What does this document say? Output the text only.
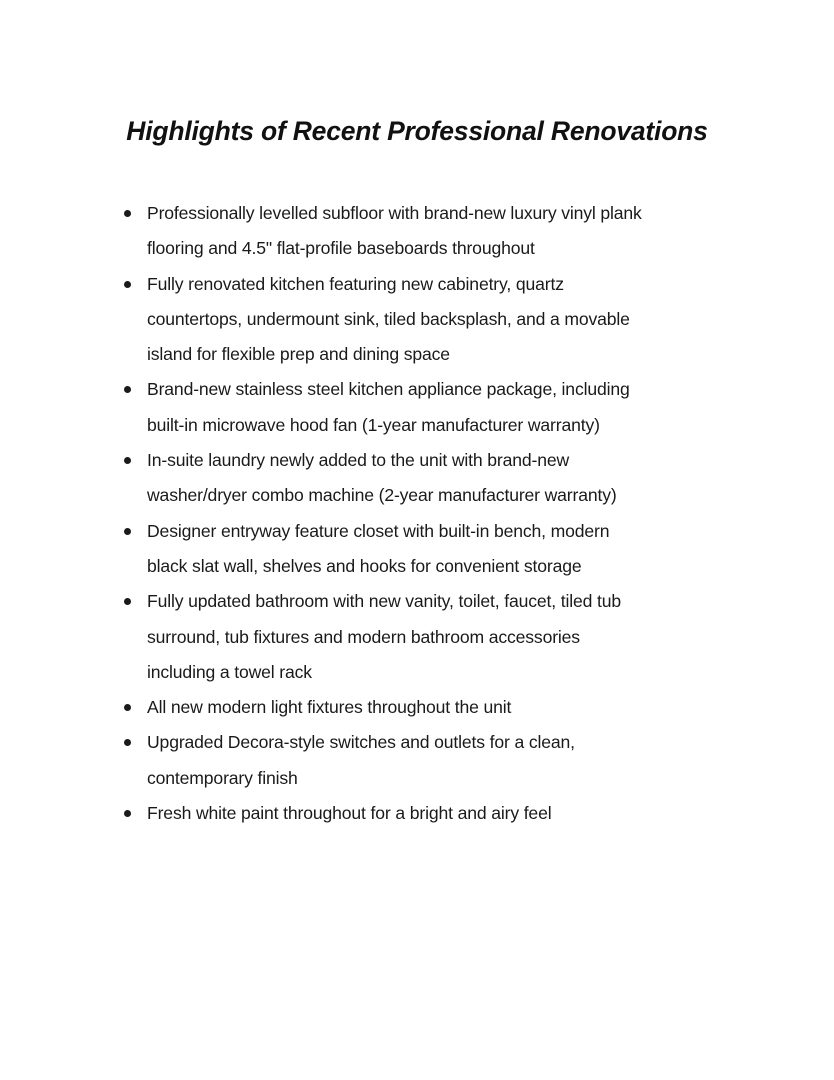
Highlights of Recent Professional Renovations
Professionally levelled subfloor with brand-new luxury vinyl plank
flooring and 4.5" flat-profile baseboards throughout
Fully renovated kitchen featuring new cabinetry, quartz
countertops, undermount sink, tiled backsplash, and a movable
island for flexible prep and dining space
Brand-new stainless steel kitchen appliance package, including
built-in microwave hood fan (1-year manufacturer warranty)
In-suite laundry newly added to the unit with brand-new
washer/dryer combo machine (2-year manufacturer warranty)
Designer entryway feature closet with built-in bench, modern
black slat wall, shelves and hooks for convenient storage
Fully updated bathroom with new vanity, toilet, faucet, tiled tub
surround, tub fixtures and modern bathroom accessories
including a towel rack
All new modern light fixtures throughout the unit
Upgraded Decora-style switches and outlets for a clean,
contemporary finish
Fresh white paint throughout for a bright and airy feel
